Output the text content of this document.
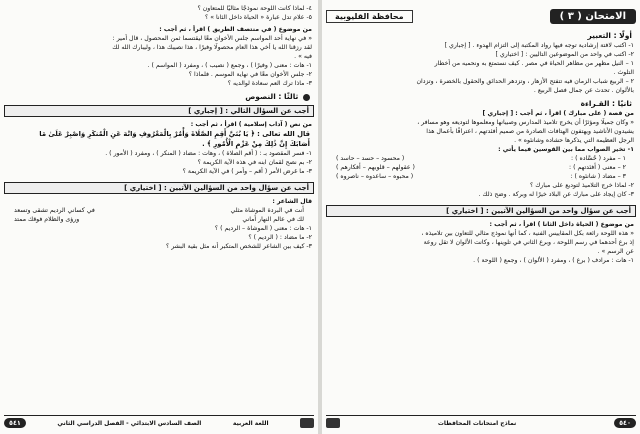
٤- لماذا كانت اللوحة نموذجًا مثاليًا للمتعاون ؟
٥- علام تدل عبارة « الحياة داخل الثانا » ؟
من موضوع ( في منتصف الطريق ) اقرأ ، ثم أجب :
« في نهاية أحد المواسم جلس الأخوان معًا ليقتسما ثمن المحصول ، قال أمير :
لقد رزقنا الله يا أخي هذا العام محصولًا وفيرًا ، هذا نصيبك هذا ، وليبارك الله لك
فيه » .
١- هات : معنى ( وفيرًا ) ، وجمع ( نصيب ) ، ومفرد ( المواسم ) .
٢- جلس الأخوان معًا في نهاية الموسم . فلماذا ؟
٣- ماذا ترك العم سعادة لوالديه ؟
ثالثًا : النصوص
أجب عن السؤال التالي : [ إجباري ]
من نص ( آداب إسلامية ) اقرأ ، ثم أجب :
قال الله تعالى : ﴿ يَا بُنَيَّ أَقِمِ الصَّلَاةَ وَأْمُرْ بِالْمَعْرُوفِ وَانْهَ عَنِ الْمُنكَرِ وَاصْبِرْ عَلَىٰ مَا
أَصَابَكَ إِنَّ ذَٰلِكَ مِنْ عَزْمِ الْأُمُورِ ﴾ .
١- فسر المقصود بـ : ( أقم الصلاة ) ، وهات : مضاد ( المنكر ) ، ومفرد ( الأمور ) .
٢- بم نصح لقمان ابنه في هذه الآية الكريمة ؟
٣- ما غرض الأمر ( أقم – وأمر ) في الآية الكريمة ؟
أجب عن سؤال واحد من السؤالين الآتيين : [ اختياري ]
قال الشاعر :
أنت في البردة الموشاة مثلي
في كساني الرديم تشقى وتسعد
لك في عالم النهار أماني
ورؤى والظلام فوقك ممتد
١- هات : معنى ( الموشاة – الرديم ) ؟
٢- ما مضاد : ( الرديم ) ؟
٣- كيف بين الشاعر للشخص المتكبر أنه مثل بقية البشر ؟
٥٤١	الصف السادس الابتدائي - الفصل الدراسي الثاني	اللغة العربية
الامتحان ( ٣ )
محافظة القليوبية
أولًا : التعبير
١- اكتب لافتة إرشادية توجه فيها رواد المكتبة إلى التزام الهدوء . [ إجباري ]
٢- اكتب في واحد من الموضوعين التاليين : [ اختياري ]
١ – النيل مظهر من مظاهر الحياة في مصر . كيف نستمتع به ونحميه من أخطار
التلوث .
٢ – الربيع شباب الزمان فيه تتفتح الأزهار ، وتزدهر الحدائق والحقول بالخضرة ، وتزدان
بالألوان . تحدث عن جمال فصل الربيع .
ثانيًا : القـراءة
من قصة ( على مبارك ) اقرأ ، ثم أجب : [ إجباري ]
« وكان جميلًا ومؤثرًا أن يخرج تلاميذ المدارس وصبيانها ومعلموها لتوديعه وهو مسافر ،
يشيدون الأناشيد ويهتفون الهتافات الصادرة من صميم أفئدتهم ، اعترافًا بأعمال هذا
الرجل العظيمة التي يذكرها حشاده وشانئوه » .
١- تخير الصواب مما بين القوسين فيما يأتي :
١ – مفرد ( حُسَّاده ) :
( محسود – حسد – حاسد )
٢ – معنى ( أفئدتهم ) :
( عقولهم – قلوبهم – أفكارهم )
٣ – مضاد ( شانئوه ) :
( محبوه – ساعدوه – ناصروه )
٢- لماذا خرج التلاميذ لتوديع على مبارك ؟
٣- كان إيجاد على مبارك عن البلاد خيرًا له وبركة . وضح ذلك .
أجب عن سؤال واحد من السؤالين الآتيين : [ اختياري ]
من موضوع ( الحياة داخل الثانا ) اقرأ ، ثم أجب :
« هذه اللوحة رائعة بكل المقاييس الفنية ، كما أنها نموذج مثالي للتعاون بين تلاميذه ،
إذ برع أحدهما في رسم اللوحة ، وبرع الثاني في تلوينها ، وكانت الألوان لا تقل روعة
عن الرسم » .
١- هات : مرادف ( برع ) ، ومفرد ( الألوان ) ، وجمع ( اللوحة ) .
نماذج امتحانات المحافظات	٥٤٠
